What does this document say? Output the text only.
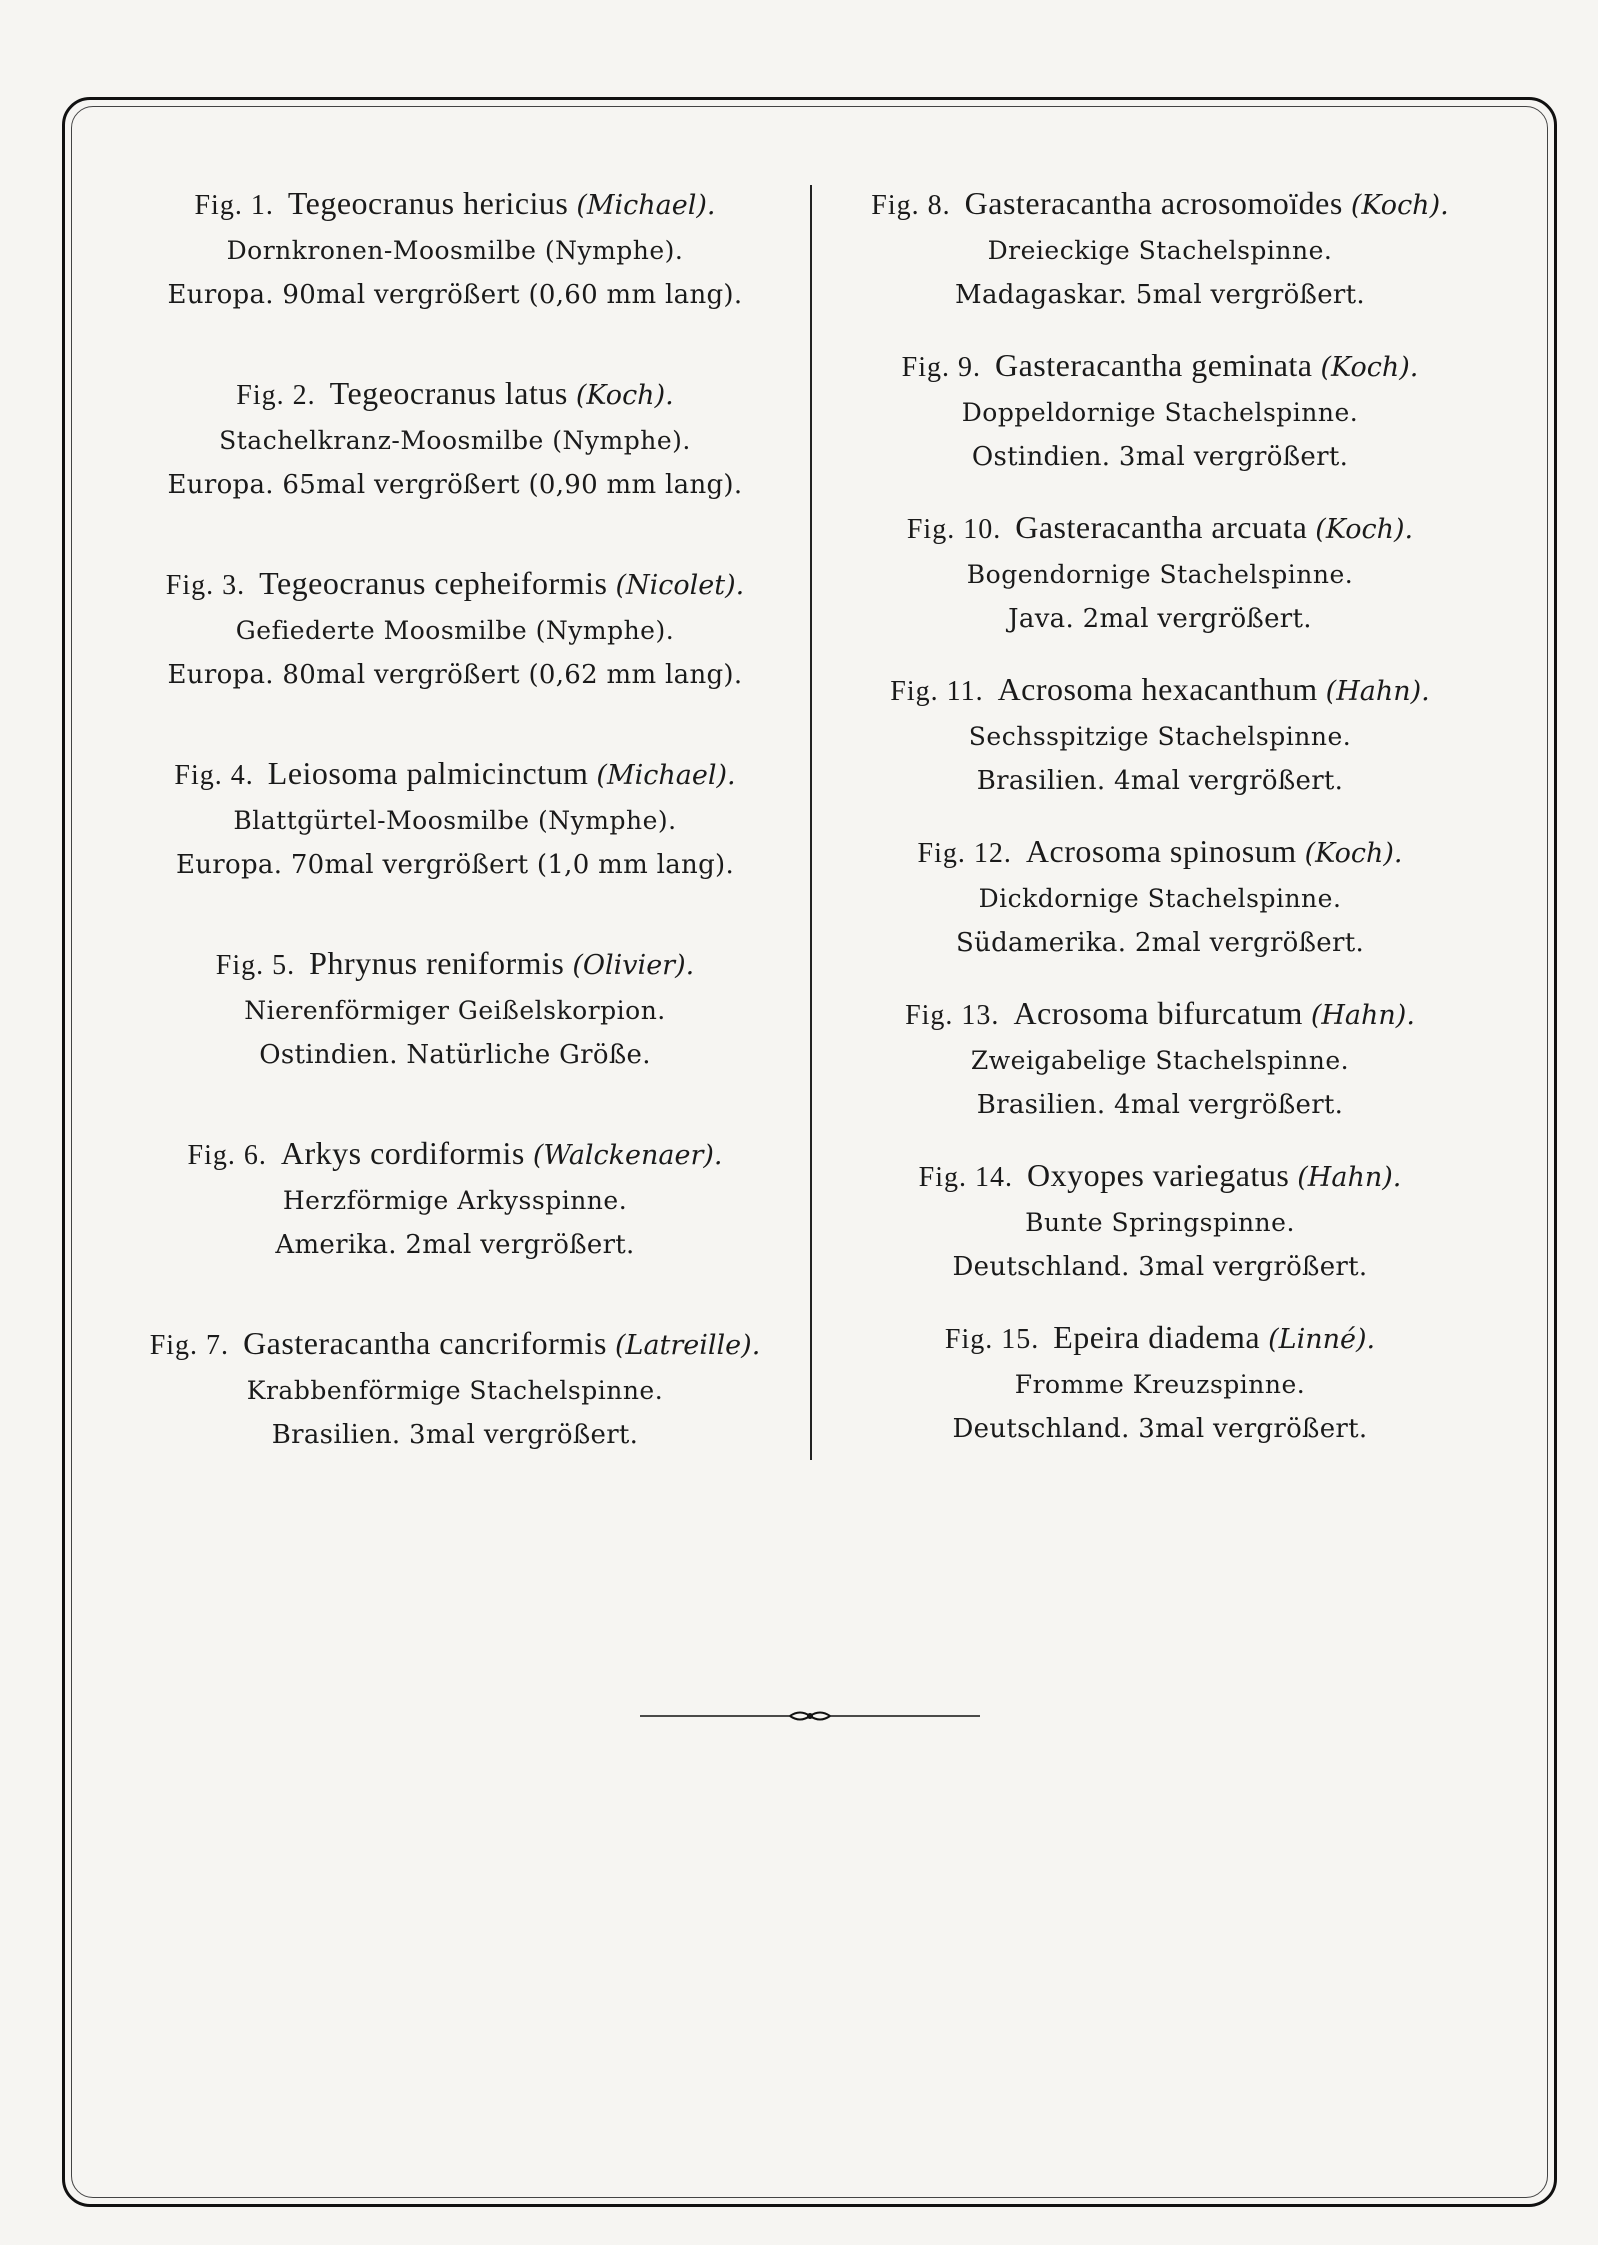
Fig. 1. Tegeocranus hericius (Michael).
Dornkronen-Moosmilbe (Nymphe).
Europa. 90mal vergrößert (0,60 mm lang).
Fig. 2. Tegeocranus latus (Koch).
Stachelkranz-Moosmilbe (Nymphe).
Europa. 65mal vergrößert (0,90 mm lang).
Fig. 3. Tegeocranus cepheiformis (Nicolet).
Gefiederte Moosmilbe (Nymphe).
Europa. 80mal vergrößert (0,62 mm lang).
Fig. 4. Leiosoma palmicinctum (Michael).
Blattgürtel-Moosmilbe (Nymphe).
Europa. 70mal vergrößert (1,0 mm lang).
Fig. 5. Phrynus reniformis (Olivier).
Nierenförmiger Geißelskorpion.
Ostindien. Natürliche Größe.
Fig. 6. Arkys cordiformis (Walckenaer).
Herzförmige Arkysspinne.
Amerika. 2mal vergrößert.
Fig. 7. Gasteracantha cancriformis (Latreille).
Krabbenförmige Stachelspinne.
Brasilien. 3mal vergrößert.
Fig. 8. Gasteracantha acrosomoïdes (Koch).
Dreieckige Stachelspinne.
Madagaskar. 5mal vergrößert.
Fig. 9. Gasteracantha geminata (Koch).
Doppeldornige Stachelspinne.
Ostindien. 3mal vergrößert.
Fig. 10. Gasteracantha arcuata (Koch).
Bogendornige Stachelspinne.
Java. 2mal vergrößert.
Fig. 11. Acrosoma hexacanthum (Hahn).
Sechsspitzige Stachelspinne.
Brasilien. 4mal vergrößert.
Fig. 12. Acrosoma spinosum (Koch).
Dickdornige Stachelspinne.
Südamerika. 2mal vergrößert.
Fig. 13. Acrosoma bifurcatum (Hahn).
Zweigabelige Stachelspinne.
Brasilien. 4mal vergrößert.
Fig. 14. Oxyopes variegatus (Hahn).
Bunte Springspinne.
Deutschland. 3mal vergrößert.
Fig. 15. Epeira diadema (Linné).
Fromme Kreuzspinne.
Deutschland. 3mal vergrößert.
